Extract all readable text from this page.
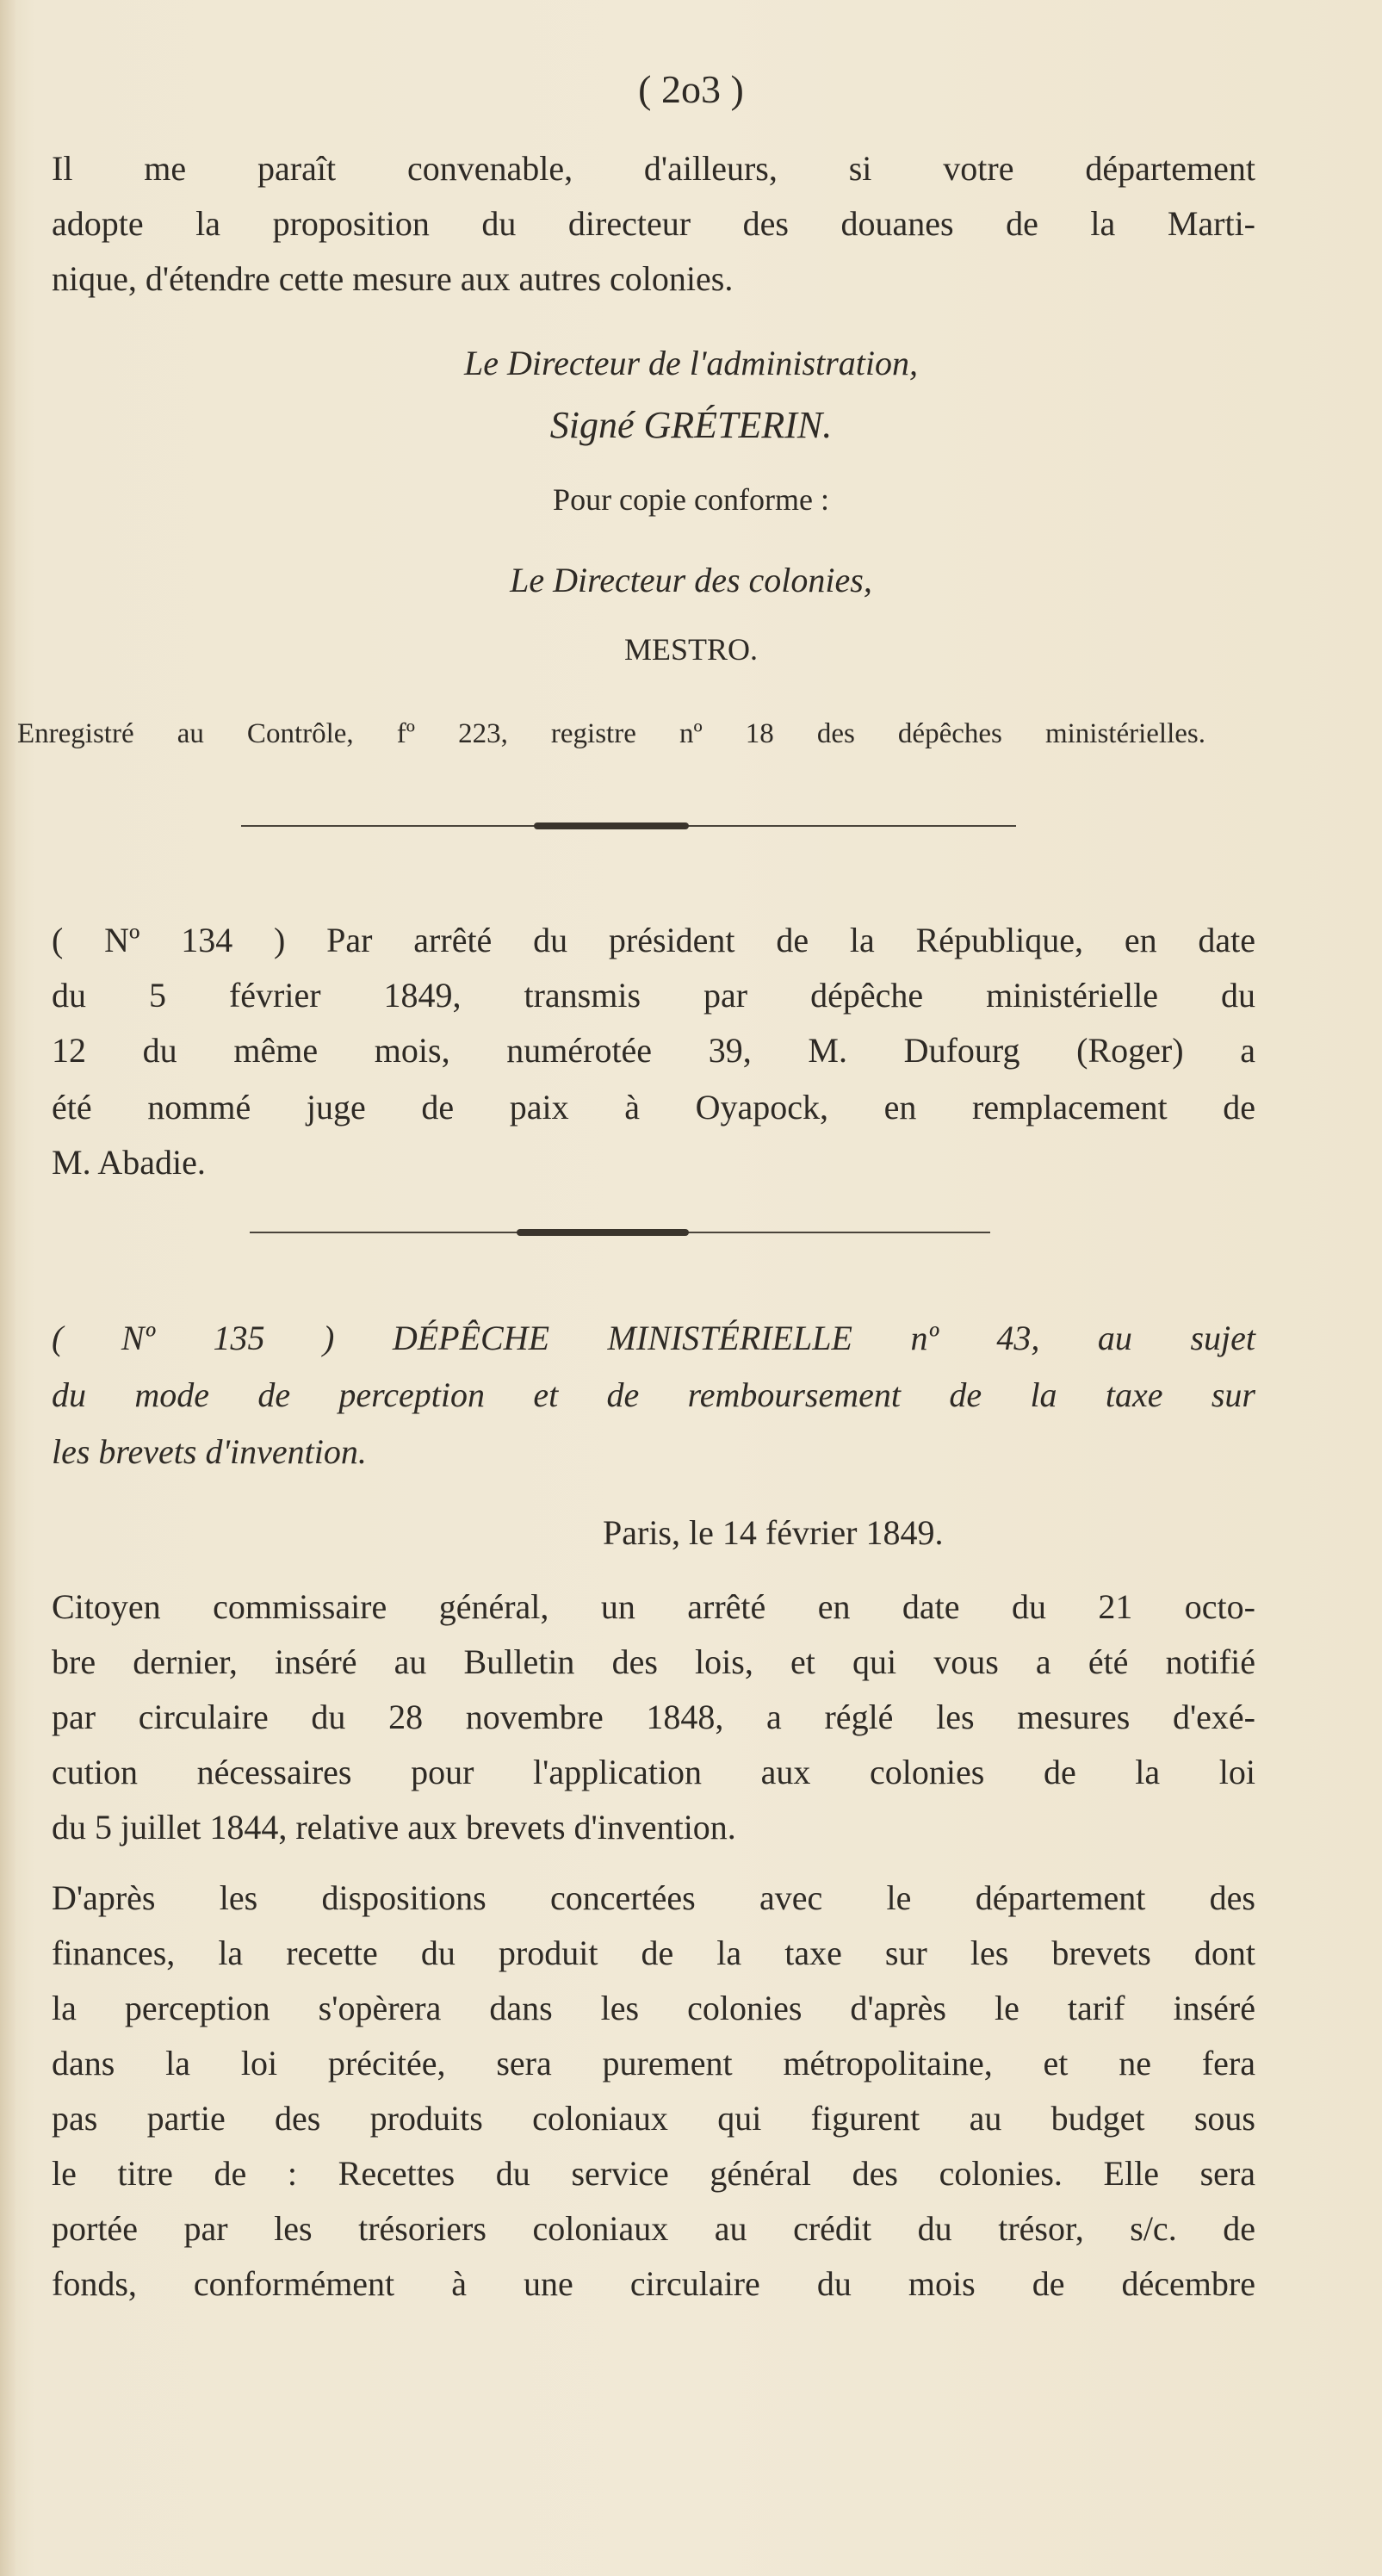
( 2o3 )
Il me paraît convenable, d'ailleurs, si votre département
adopte la proposition du directeur des douanes de la Marti-
nique, d'étendre cette mesure aux autres colonies.
Le Directeur de l'administration,
Signé GRÉTERIN.
Pour copie conforme :
Le Directeur des colonies,
MESTRO.
Enregistré au Contrôle, fº 223, registre nº 18 des dépêches ministérielles.
( Nº 134 ) Par arrêté du président de la République, en date
du 5 février 1849, transmis par dépêche ministérielle du
12 du même mois, numérotée 39, M. Dufourg (Roger) a
été nommé juge de paix à Oyapock, en remplacement de
M. Abadie.
( Nº 135 ) DÉPÊCHE MINISTÉRIELLE nº 43, au sujet
du mode de perception et de remboursement de la taxe sur
les brevets d'invention.
Paris, le 14 février 1849.
Citoyen commissaire général, un arrêté en date du 21 octo-
bre dernier, inséré au Bulletin des lois, et qui vous a été notifié
par circulaire du 28 novembre 1848, a réglé les mesures d'exé-
cution nécessaires pour l'application aux colonies de la loi
du 5 juillet 1844, relative aux brevets d'invention.
D'après les dispositions concertées avec le département des
finances, la recette du produit de la taxe sur les brevets dont
la perception s'opèrera dans les colonies d'après le tarif inséré
dans la loi précitée, sera purement métropolitaine, et ne fera
pas partie des produits coloniaux qui figurent au budget sous
le titre de : Recettes du service général des colonies. Elle sera
portée par les trésoriers coloniaux au crédit du trésor, s/c. de
fonds, conformément à une circulaire du mois de décembre
